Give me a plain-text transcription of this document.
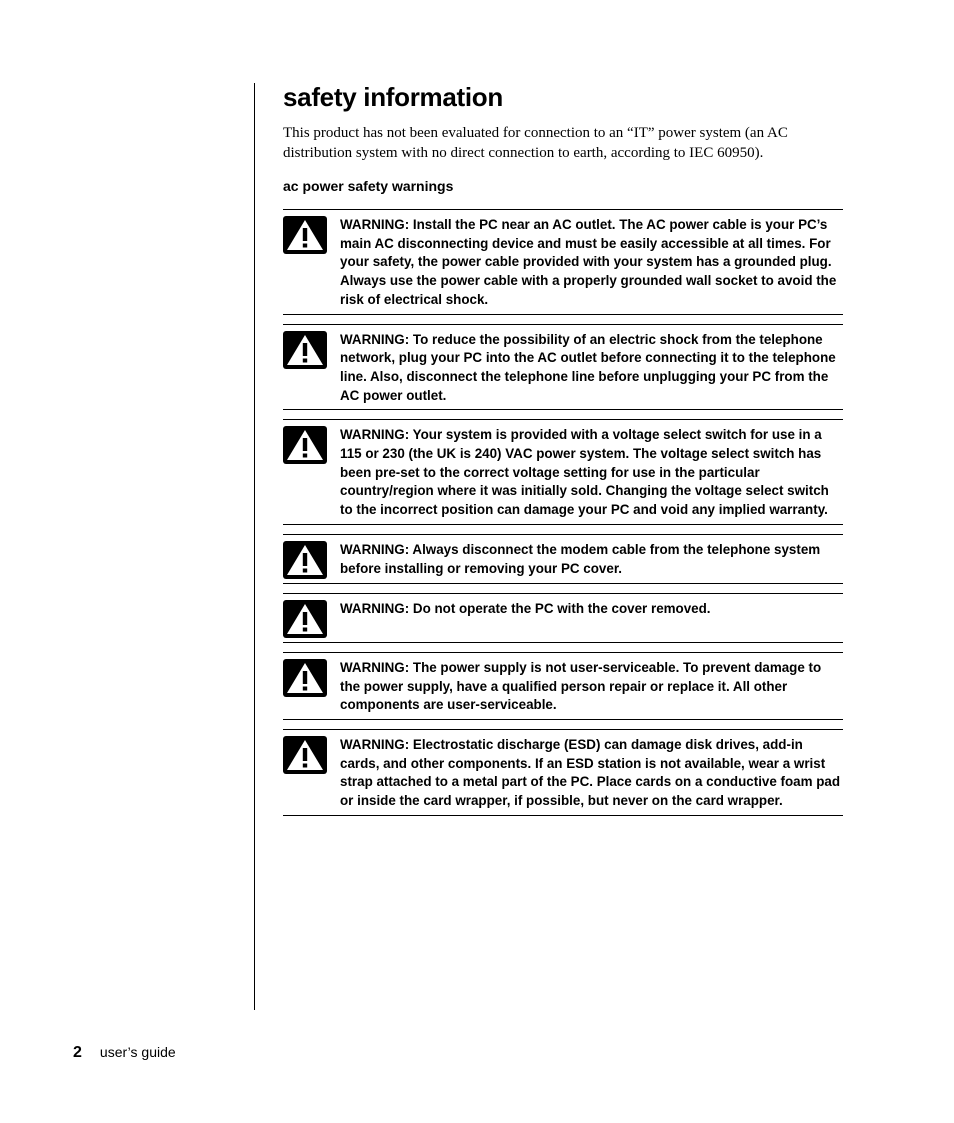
safety information

This product has not been evaluated for connection to an “IT” power system (an AC distribution system with no direct connection to earth, according to IEC 60950).

ac power safety warnings
WARNING: Install the PC near an AC outlet. The AC power cable is your PC’s main AC disconnecting device and must be easily accessible at all times. For your safety, the power cable provided with your system has a grounded plug. Always use the power cable with a properly grounded wall socket to avoid the risk of electrical shock.
WARNING: To reduce the possibility of an electric shock from the telephone network, plug your PC into the AC outlet before connecting it to the telephone line. Also, disconnect the telephone line before unplugging your PC from the AC power outlet.
WARNING: Your system is provided with a voltage select switch for use in a 115 or 230 (the UK is 240) VAC power system. The voltage select switch has been pre-set to the correct voltage setting for use in the particular country/region where it was initially sold. Changing the voltage select switch to the incorrect position can damage your PC and void any implied warranty.
WARNING: Always disconnect the modem cable from the telephone system before installing or removing your PC cover.
WARNING: Do not operate the PC with the cover removed.
WARNING: The power supply is not user-serviceable. To prevent damage to the power supply, have a qualified person repair or replace it. All other components are user-serviceable.
WARNING: Electrostatic discharge (ESD) can damage disk drives, add-in cards, and other components. If an ESD station is not available, wear a wrist strap attached to a metal part of the PC. Place cards on a conductive foam pad or inside the card wrapper, if possible, but never on the card wrapper.
2 user’s guide
